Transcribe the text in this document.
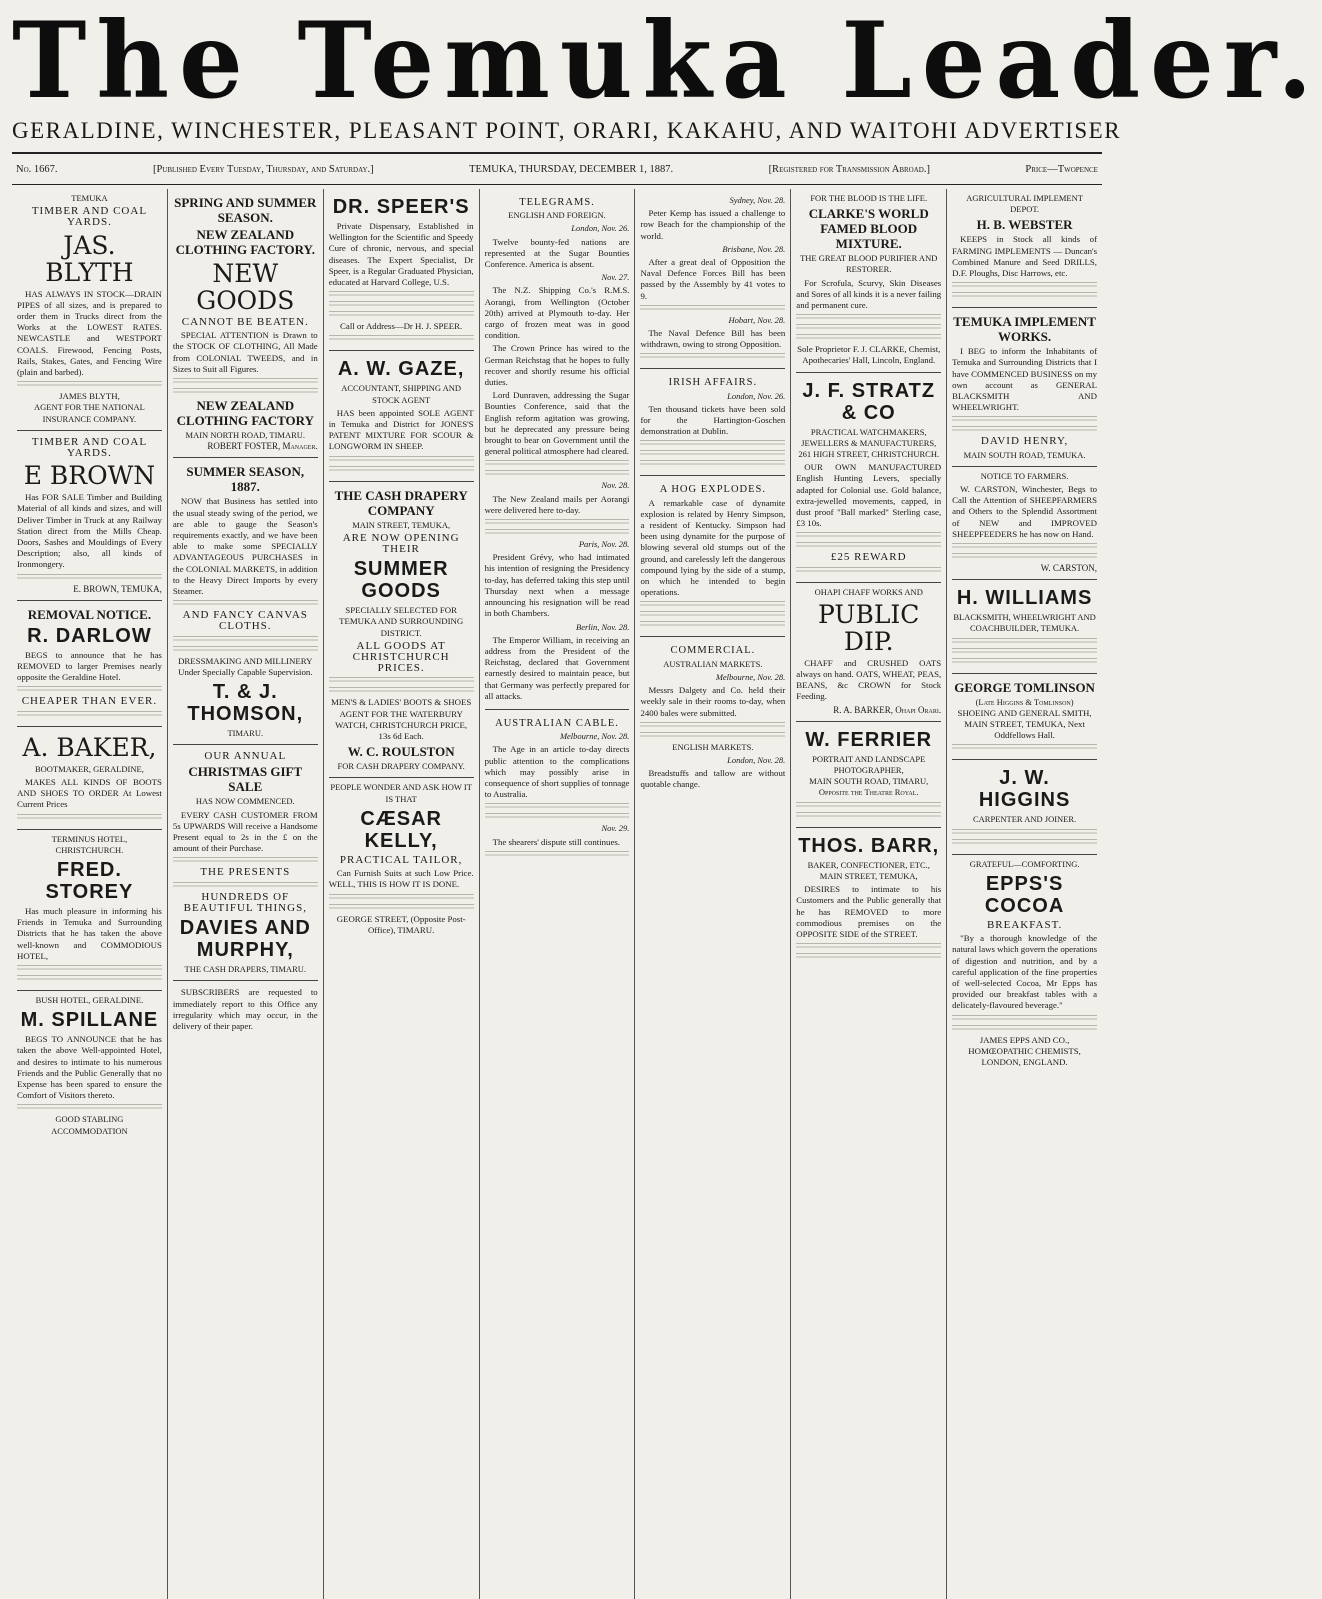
The Temuka Leader.
GERALDINE, WINCHESTER, PLEASANT POINT, ORARI, KAKAHU, AND WAITOHI ADVERTISER
No. 1667.	[Published Every Tuesday, Thursday, and Saturday.]	TEMUKA, THURSDAY, DECEMBER 1, 1887.	[Registered for Transmission Abroad.]	Price—Twopence
TEMUKA
TIMBER AND COAL YARDS.
JAS. BLYTH
HAS ALWAYS IN STOCK—DRAIN PIPES of all sizes, and is prepared to order them in Trucks direct from the Works at the LOWEST RATES. NEWCASTLE and WESTPORT COALS. Firewood, Fencing Posts, Rails, Stakes, Gates, and Fencing Wire (plain and barbed).
JAMES BLYTH,
AGENT FOR THE NATIONAL INSURANCE COMPANY.
TIMBER AND COAL YARDS.
E BROWN
Has FOR SALE Timber and Building Material of all kinds and sizes, and will Deliver Timber in Truck at any Railway Station direct from the Mills Cheap. Doors, Sashes and Mouldings of Every Description; also, all kinds of Ironmongery.
E. BROWN, TEMUKA,
REMOVAL NOTICE.
R. DARLOW
BEGS to announce that he has REMOVED to larger Premises nearly opposite the Geraldine Hotel.
CHEAPER THAN EVER.
A. BAKER,
BOOTMAKER, GERALDINE,
MAKES ALL KINDS OF BOOTS AND SHOES TO ORDER At Lowest Current Prices
TERMINUS HOTEL, CHRISTCHURCH.
FRED. STOREY
Has much pleasure in informing his Friends in Temuka and Surrounding Districts that he has taken the above well-known and COMMODIOUS HOTEL,
BUSH HOTEL, GERALDINE.
M. SPILLANE
BEGS TO ANNOUNCE that he has taken the above Well-appointed Hotel, and desires to intimate to his numerous Friends and the Public Generally that no Expense has been spared to ensure the Comfort of Visitors thereto.
GOOD STABLING ACCOMMODATION
SPRING AND SUMMER SEASON.
NEW ZEALAND CLOTHING FACTORY.
NEW GOODS
CANNOT BE BEATEN.
SPECIAL ATTENTION is Drawn to the STOCK OF CLOTHING, All Made from COLONIAL TWEEDS, and in Sizes to Suit all Figures.
NEW ZEALAND CLOTHING FACTORY
MAIN NORTH ROAD, TIMARU.
ROBERT FOSTER, Manager.
SUMMER SEASON, 1887.
NOW that Business has settled into the usual steady swing of the period, we are able to gauge the Season's requirements exactly, and we have been able to make some SPECIALLY ADVANTAGEOUS PURCHASES in the COLONIAL MARKETS, in addition to the Heavy Direct Imports by every Steamer.
AND FANCY CANVAS CLOTHS.
DRESSMAKING AND MILLINERY Under Specially Capable Supervision.
T. & J. THOMSON,
TIMARU.
OUR ANNUAL
CHRISTMAS GIFT SALE
HAS NOW COMMENCED.
EVERY CASH CUSTOMER FROM 5s UPWARDS Will receive a Handsome Present equal to 2s in the £ on the amount of their Purchase.
THE PRESENTS
HUNDREDS OF BEAUTIFUL THINGS,
DAVIES AND MURPHY,
THE CASH DRAPERS, TIMARU.
SUBSCRIBERS are requested to immediately report to this Office any irregularity which may occur, in the delivery of their paper.
DR. SPEER'S
Private Dispensary, Established in Wellington for the Scientific and Speedy Cure of chronic, nervous, and special diseases. The Expert Specialist, Dr Speer, is a Regular Graduated Physician, educated at Harvard College, U.S.
Call or Address—Dr H. J. SPEER.
A. W. GAZE,
ACCOUNTANT, SHIPPING AND STOCK AGENT
HAS been appointed SOLE AGENT in Temuka and District for JONES'S PATENT MIXTURE FOR SCOUR & LONGWORM IN SHEEP.
THE CASH DRAPERY COMPANY
MAIN STREET, TEMUKA,
ARE NOW OPENING THEIR
SUMMER GOODS
SPECIALLY SELECTED FOR TEMUKA AND SURROUNDING DISTRICT.
ALL GOODS AT CHRISTCHURCH PRICES.
MEN'S & LADIES' BOOTS & SHOES
AGENT FOR THE WATERBURY WATCH, CHRISTCHURCH PRICE, 13s 6d Each.
W. C. ROULSTON
FOR CASH DRAPERY COMPANY.
PEOPLE WONDER AND ASK HOW IT IS THAT
CÆSAR KELLY,
PRACTICAL TAILOR,
Can Furnish Suits at such Low Price. WELL, THIS IS HOW IT IS DONE.
GEORGE STREET, (Opposite Post-Office), TIMARU.
TELEGRAMS.
ENGLISH AND FOREIGN.
London, Nov. 26.
Twelve bounty-fed nations are represented at the Sugar Bounties Conference. America is absent.
Nov. 27.
The N.Z. Shipping Co.'s R.M.S. Aorangi, from Wellington (October 20th) arrived at Plymouth to-day. Her cargo of frozen meat was in good condition.
The Crown Prince has wired to the German Reichstag that he hopes to fully recover and shortly resume his official duties.
Lord Dunraven, addressing the Sugar Bounties Conference, said that the English reform agitation was growing, but he deprecated any pressure being brought to bear on Government until the general political atmosphere had cleared.
Nov. 28.
The New Zealand mails per Aorangi were delivered here to-day.
Paris, Nov. 28.
President Grévy, who had intimated his intention of resigning the Presidency to-day, has deferred taking this step until Thursday next when a message announcing his resignation will be read in both Chambers.
Berlin, Nov. 28.
The Emperor William, in receiving an address from the President of the Reichstag, declared that Government earnestly desired to maintain peace, but that Germany was perfectly prepared for all attacks.
AUSTRALIAN CABLE.
Melbourne, Nov. 28.
The Age in an article to-day directs public attention to the complications which may possibly arise in consequence of short supplies of tonnage to Australia.
Nov. 29.
The shearers' dispute still continues.
Sydney, Nov. 28.
Peter Kemp has issued a challenge to row Beach for the championship of the world.
Brisbane, Nov. 28.
After a great deal of Opposition the Naval Defence Forces Bill has been passed by the Assembly by 41 votes to 9.
Hobart, Nov. 28.
The Naval Defence Bill has been withdrawn, owing to strong Opposition.
IRISH AFFAIRS.
London, Nov. 26.
Ten thousand tickets have been sold for the Hartington-Goschen demonstration at Dublin.
A HOG EXPLODES.
A remarkable case of dynamite explosion is related by Henry Simpson, a resident of Kentucky. Simpson had been using dynamite for the purpose of blowing several old stumps out of the ground, and carelessly left the dangerous compound lying by the side of a stump, on which he intended to begin operations.
COMMERCIAL.
AUSTRALIAN MARKETS.
Melbourne, Nov. 28.
Messrs Dalgety and Co. held their weekly sale in their rooms to-day, when 2400 bales were submitted.
ENGLISH MARKETS.
London, Nov. 28.
Breadstuffs and tallow are without quotable change.
FOR THE BLOOD IS THE LIFE.
CLARKE'S WORLD FAMED BLOOD MIXTURE.
THE GREAT BLOOD PURIFIER AND RESTORER.
For Scrofula, Scurvy, Skin Diseases and Sores of all kinds it is a never failing and permanent cure.
Sole Proprietor F. J. CLARKE, Chemist, Apothecaries' Hall, Lincoln, England.
J. F. STRATZ & CO
PRACTICAL WATCHMAKERS, JEWELLERS & MANUFACTURERS,
261 HIGH STREET, CHRISTCHURCH.
OUR OWN MANUFACTURED English Hunting Levers, specially adapted for Colonial use. Gold balance, extra-jewelled movements, capped, in dust proof "Ball marked" Sterling case, £3 10s.
£25 REWARD
OHAPI CHAFF WORKS AND
PUBLIC DIP.
CHAFF and CRUSHED OATS always on hand. OATS, WHEAT, PEAS, BEANS, &c CROWN for Stock Feeding.
R. A. BARKER, Ohapi Orari.
W. FERRIER
PORTRAIT AND LANDSCAPE PHOTOGRAPHER,
MAIN SOUTH ROAD, TIMARU, Opposite the Theatre Royal.
THOS. BARR,
BAKER, CONFECTIONER, ETC.,
MAIN STREET, TEMUKA,
DESIRES to intimate to his Customers and the Public generally that he has REMOVED to more commodious premises on the OPPOSITE SIDE of the STREET.
AGRICULTURAL IMPLEMENT DEPOT.
H. B. WEBSTER
KEEPS in Stock all kinds of FARMING IMPLEMENTS — Duncan's Combined Manure and Seed DRILLS, D.F. Ploughs, Disc Harrows, etc.
TEMUKA IMPLEMENT WORKS.
I BEG to inform the Inhabitants of Temuka and Surrounding Districts that I have COMMENCED BUSINESS on my own account as GENERAL BLACKSMITH AND WHEELWRIGHT.
DAVID HENRY,
MAIN SOUTH ROAD, TEMUKA.
NOTICE TO FARMERS.
W. CARSTON, Winchester, Begs to Call the Attention of SHEEPFARMERS and Others to the Splendid Assortment of NEW and IMPROVED SHEEPFEEDERS he has now on Hand.
W. CARSTON,
H. WILLIAMS
BLACKSMITH, WHEELWRIGHT AND COACHBUILDER, TEMUKA.
GEORGE TOMLINSON
(Late Higgins & Tomlinson)
SHOEING AND GENERAL SMITH, MAIN STREET, TEMUKA, Next Oddfellows Hall.
J. W. HIGGINS
CARPENTER AND JOINER.
GRATEFUL—COMFORTING.
EPPS'S COCOA
BREAKFAST.
"By a thorough knowledge of the natural laws which govern the operations of digestion and nutrition, and by a careful application of the fine properties of well-selected Cocoa, Mr Epps has provided our breakfast tables with a delicately-flavoured beverage."
JAMES EPPS AND CO., HOMŒOPATHIC CHEMISTS, LONDON, ENGLAND.
